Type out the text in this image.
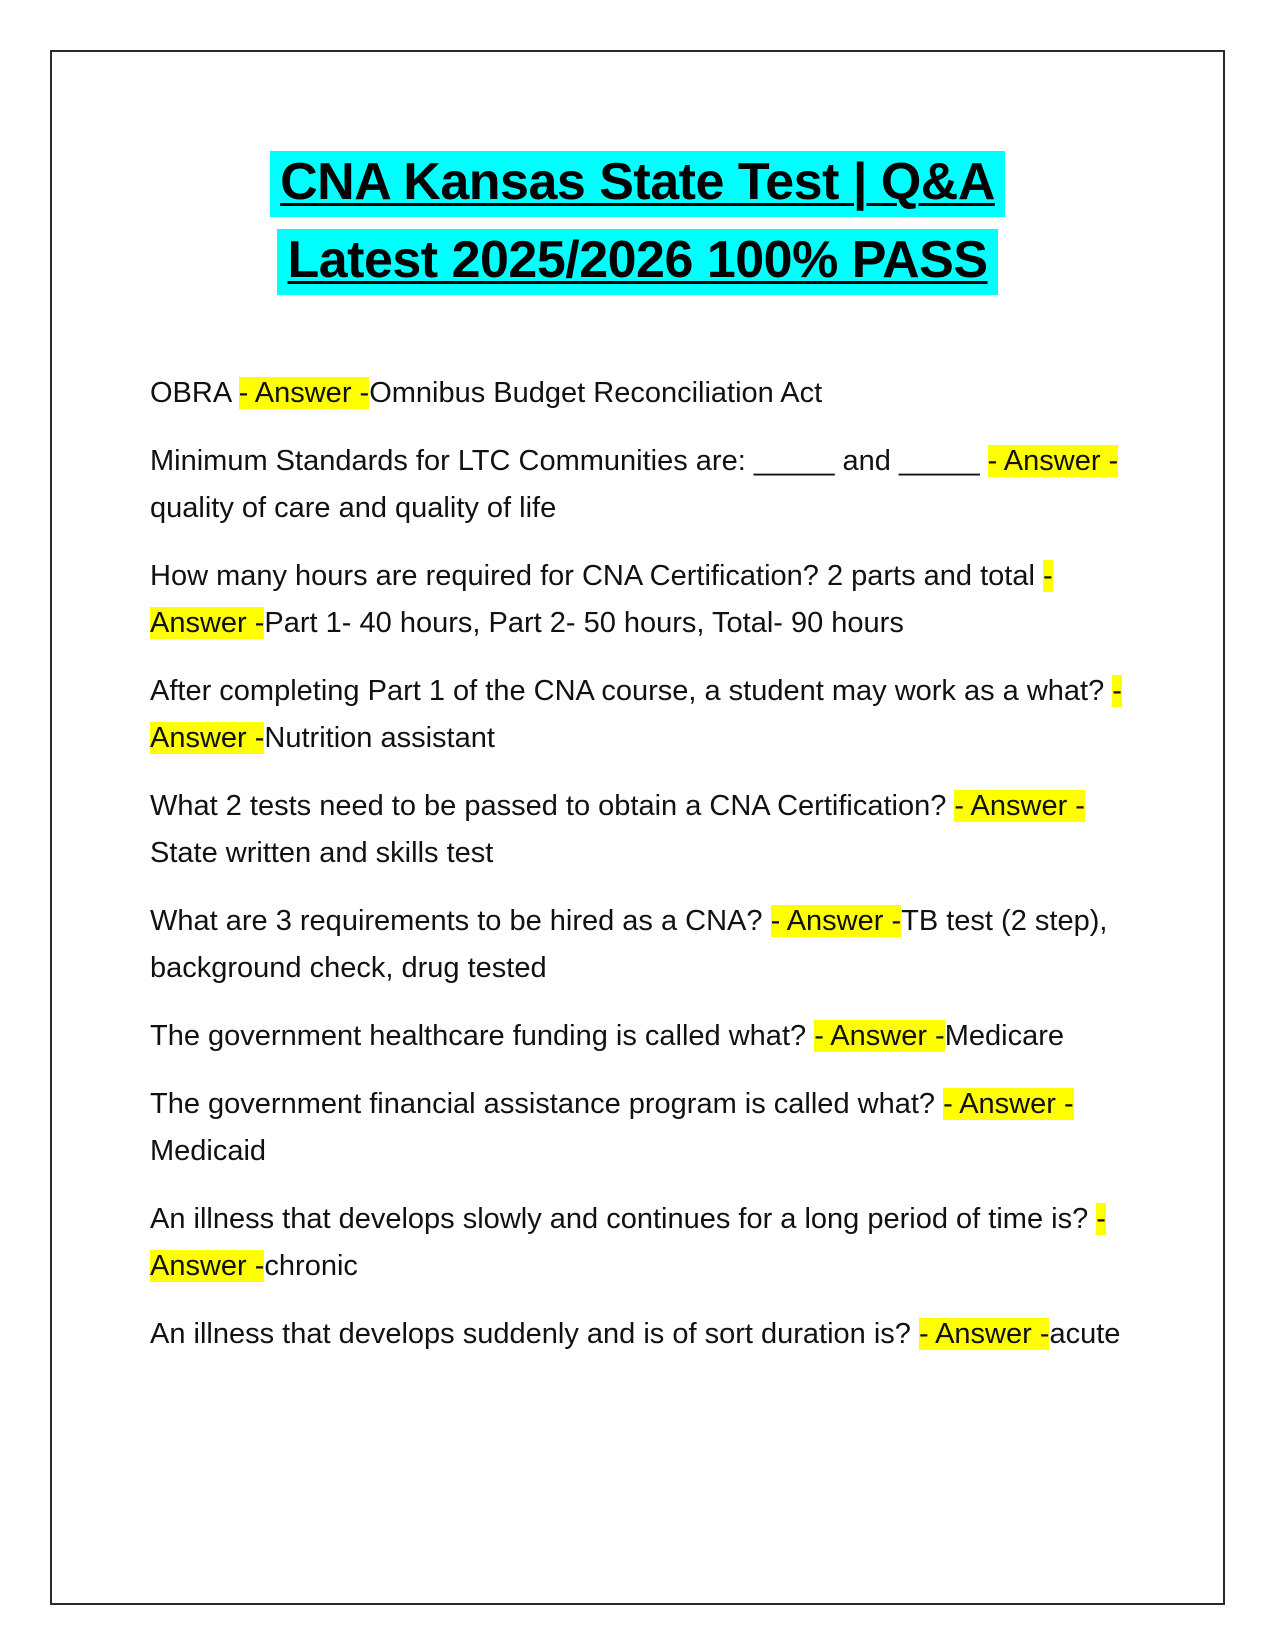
CNA Kansas State Test | Q&A
Latest 2025/2026 100% PASS
OBRA - Answer -Omnibus Budget Reconciliation Act
Minimum Standards for LTC Communities are: _____ and _____ - Answer -quality of care and quality of life
How many hours are required for CNA Certification? 2 parts and total - Answer -Part 1- 40 hours, Part 2- 50 hours, Total- 90 hours
After completing Part 1 of the CNA course, a student may work as a what? - Answer -Nutrition assistant
What 2 tests need to be passed to obtain a CNA Certification? - Answer -State written and skills test
What are 3 requirements to be hired as a CNA? - Answer -TB test (2 step), background check, drug tested
The government healthcare funding is called what? - Answer -Medicare
The government financial assistance program is called what? - Answer -Medicaid
An illness that develops slowly and continues for a long period of time is? - Answer -chronic
An illness that develops suddenly and is of sort duration is? - Answer -acute
